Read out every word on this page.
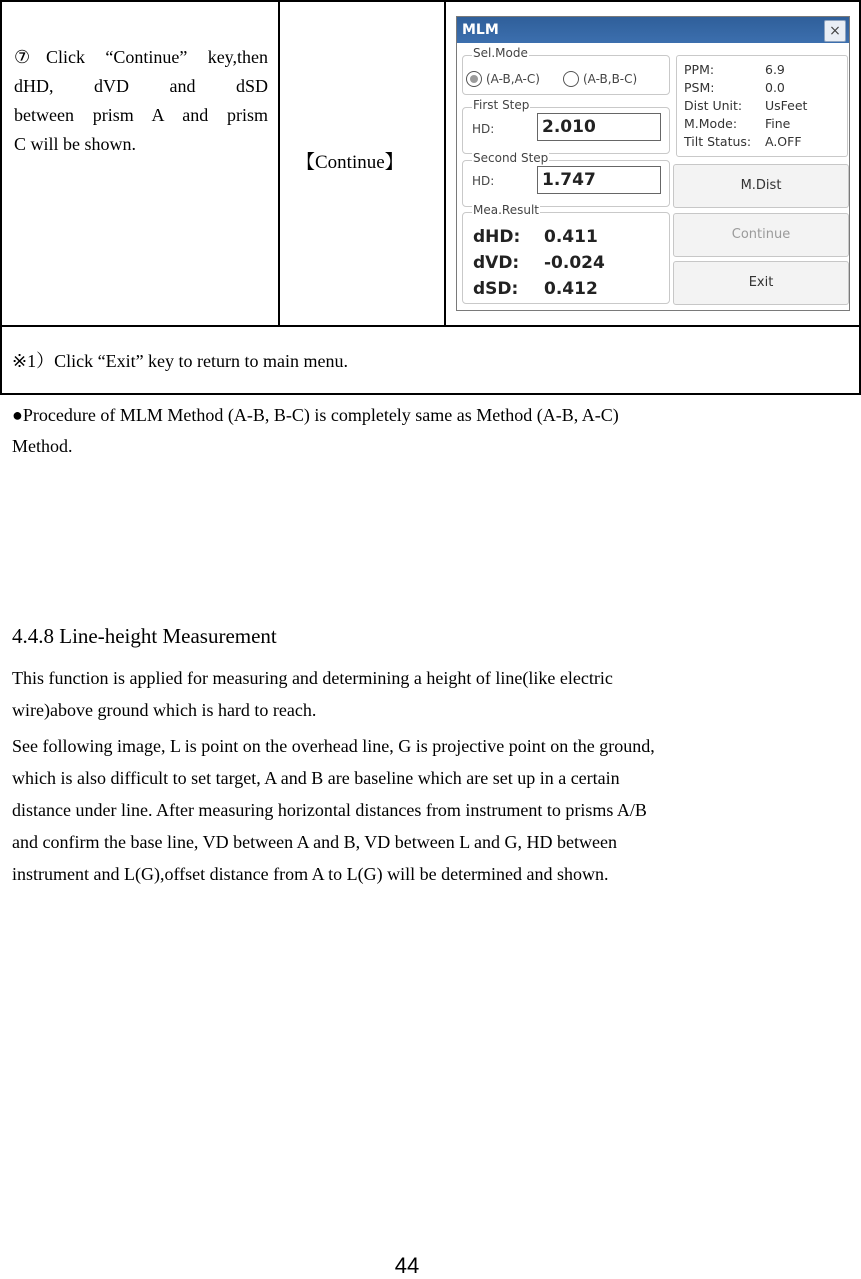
⑦Click “Continue” key,then
dHD, dVD and dSD
between prism A and prism
C will be shown.
	【Continue】	
MLM	×
Sel.Mode
(A-B,A-C)	(A-B,B-C)
First Step
HD:	2.010
Second Step
HD:	1.747
Mea.Result
dHD: 0.411
dVD: -0.024
dSD: 0.412
PPM:	6.9
PSM:	0.0
Dist Unit: UsFeet
M.Mode: Fine
Tilt Status: A.OFF
M.Dist
Continue
Exit

※1）Click “Exit” key to return to main menu.
●Procedure of MLM Method (A-B, B-C) is completely same as Method (A-B, A-C)
Method.
4.4.8 Line-height Measurement
This function is applied for measuring and determining a height of line(like electric
wire)above ground which is hard to reach.
See following image, L is point on the overhead line, G is projective point on the ground,
which is also difficult to set target, A and B are baseline which are set up in a certain
distance under line. After measuring horizontal distances from instrument to prisms A/B
and confirm the base line, VD between A and B, VD between L and G, HD between
instrument and L(G),offset distance from A to L(G) will be determined and shown.
44
